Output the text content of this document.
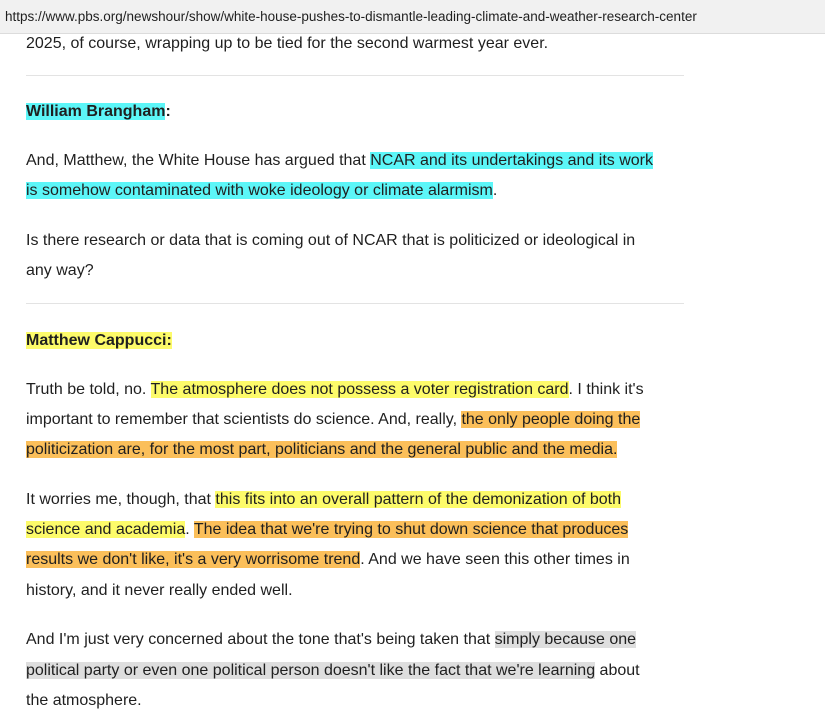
https://www.pbs.org/newshour/show/white-house-pushes-to-dismantle-leading-climate-and-weather-research-center
2025, of course, wrapping up to be tied for the second warmest year ever.
William Brangham:
And, Matthew, the White House has argued that NCAR and its undertakings and its work
is somehow contaminated with woke ideology or climate alarmism.
Is there research or data that is coming out of NCAR that is politicized or ideological in
any way?
Matthew Cappucci:
Truth be told, no. The atmosphere does not possess a voter registration card. I think it's
important to remember that scientists do science. And, really, the only people doing the
politicization are, for the most part, politicians and the general public and the media.
It worries me, though, that this fits into an overall pattern of the demonization of both
science and academia. The idea that we're trying to shut down science that produces
results we don't like, it's a very worrisome trend. And we have seen this other times in
history, and it never really ended well.
And I'm just very concerned about the tone that's being taken that simply because one
political party or even one political person doesn't like the fact that we're learning about
the atmosphere.
